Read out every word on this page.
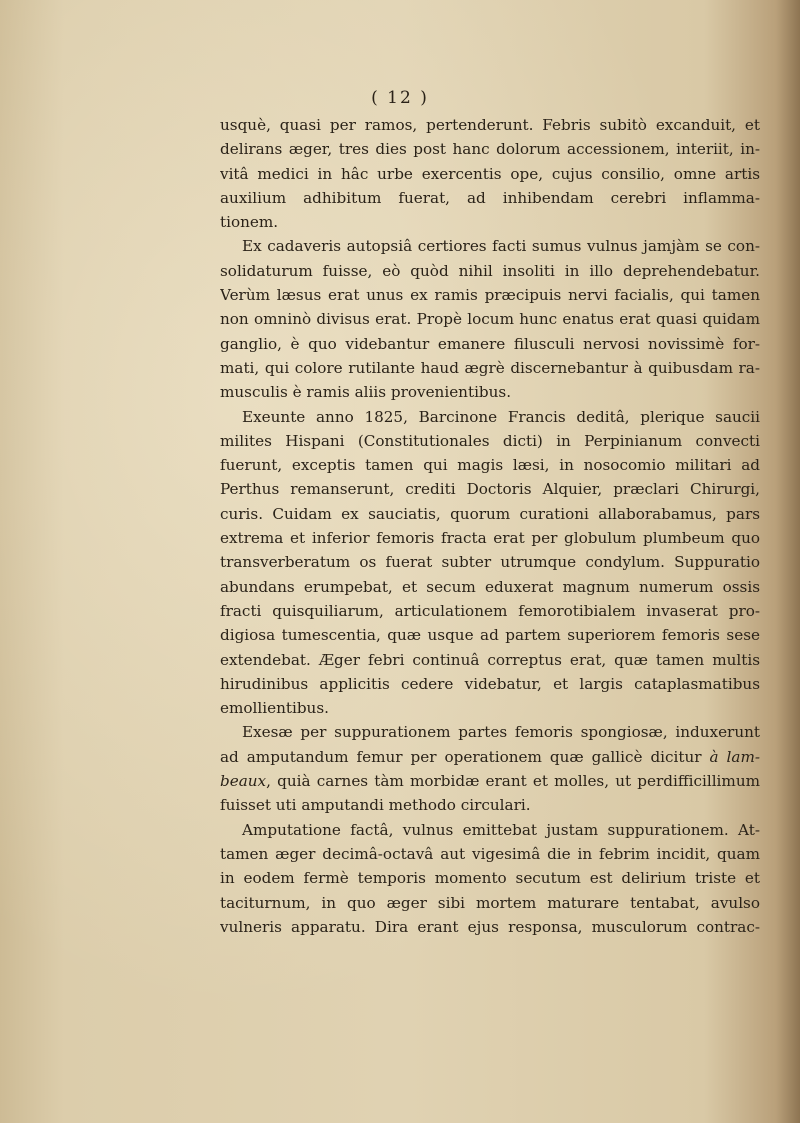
( 12 )
usquè, quasi per ramos, pertenderunt. Febris subitò excanduit, et
delirans æger, tres dies post hanc dolorum accessionem, interiit, in-
vitâ medici in hâc urbe exercentis ope, cujus consilio, omne artis
auxilium adhibitum fuerat, ad inhibendam cerebri inflamma-
tionem.
Ex cadaveris autopsiâ certiores facti sumus vulnus jamjàm se con-
solidaturum fuisse, eò quòd nihil insoliti in illo deprehendebatur.
Verùm læsus erat unus ex ramis præcipuis nervi facialis, qui tamen
non omninò divisus erat. Propè locum hunc enatus erat quasi quidam
ganglio, è quo videbantur emanere filusculi nervosi novissimè for-
mati, qui colore rutilante haud ægrè discernebantur à quibusdam ra-
musculis è ramis aliis provenientibus.
Exeunte anno 1825, Barcinone Francis deditâ, plerique saucii
milites Hispani (Constitutionales dicti) in Perpinianum convecti
fuerunt, exceptis tamen qui magis læsi, in nosocomio militari ad
Perthus remanserunt, crediti Doctoris Alquier, præclari Chirurgi,
curis. Cuidam ex sauciatis, quorum curationi allaborabamus, pars
extrema et inferior femoris fracta erat per globulum plumbeum quo
transverberatum os fuerat subter utrumque condylum. Suppuratio
abundans erumpebat, et secum eduxerat magnum numerum ossis
fracti quisquiliarum, articulationem femorotibialem invaserat pro-
digiosa tumescentia, quæ usque ad partem superiorem femoris sese
extendebat. Æger febri continuâ correptus erat, quæ tamen multis
hirudinibus applicitis cedere videbatur, et largis cataplasmatibus
emollientibus.
Exesæ per suppurationem partes femoris spongiosæ, induxerunt
ad amputandum femur per operationem quæ gallicè dicitur à lam-
beaux, quià carnes tàm morbidæ erant et molles, ut perdifficillimum
fuisset uti amputandi methodo circulari.
Amputatione factâ, vulnus emittebat justam suppurationem. At-
tamen æger decimâ-octavâ aut vigesimâ die in febrim incidit, quam
in eodem fermè temporis momento secutum est delirium triste et
taciturnum, in quo æger sibi mortem maturare tentabat, avulso
vulneris apparatu. Dira erant ejus responsa, musculorum contrac-
